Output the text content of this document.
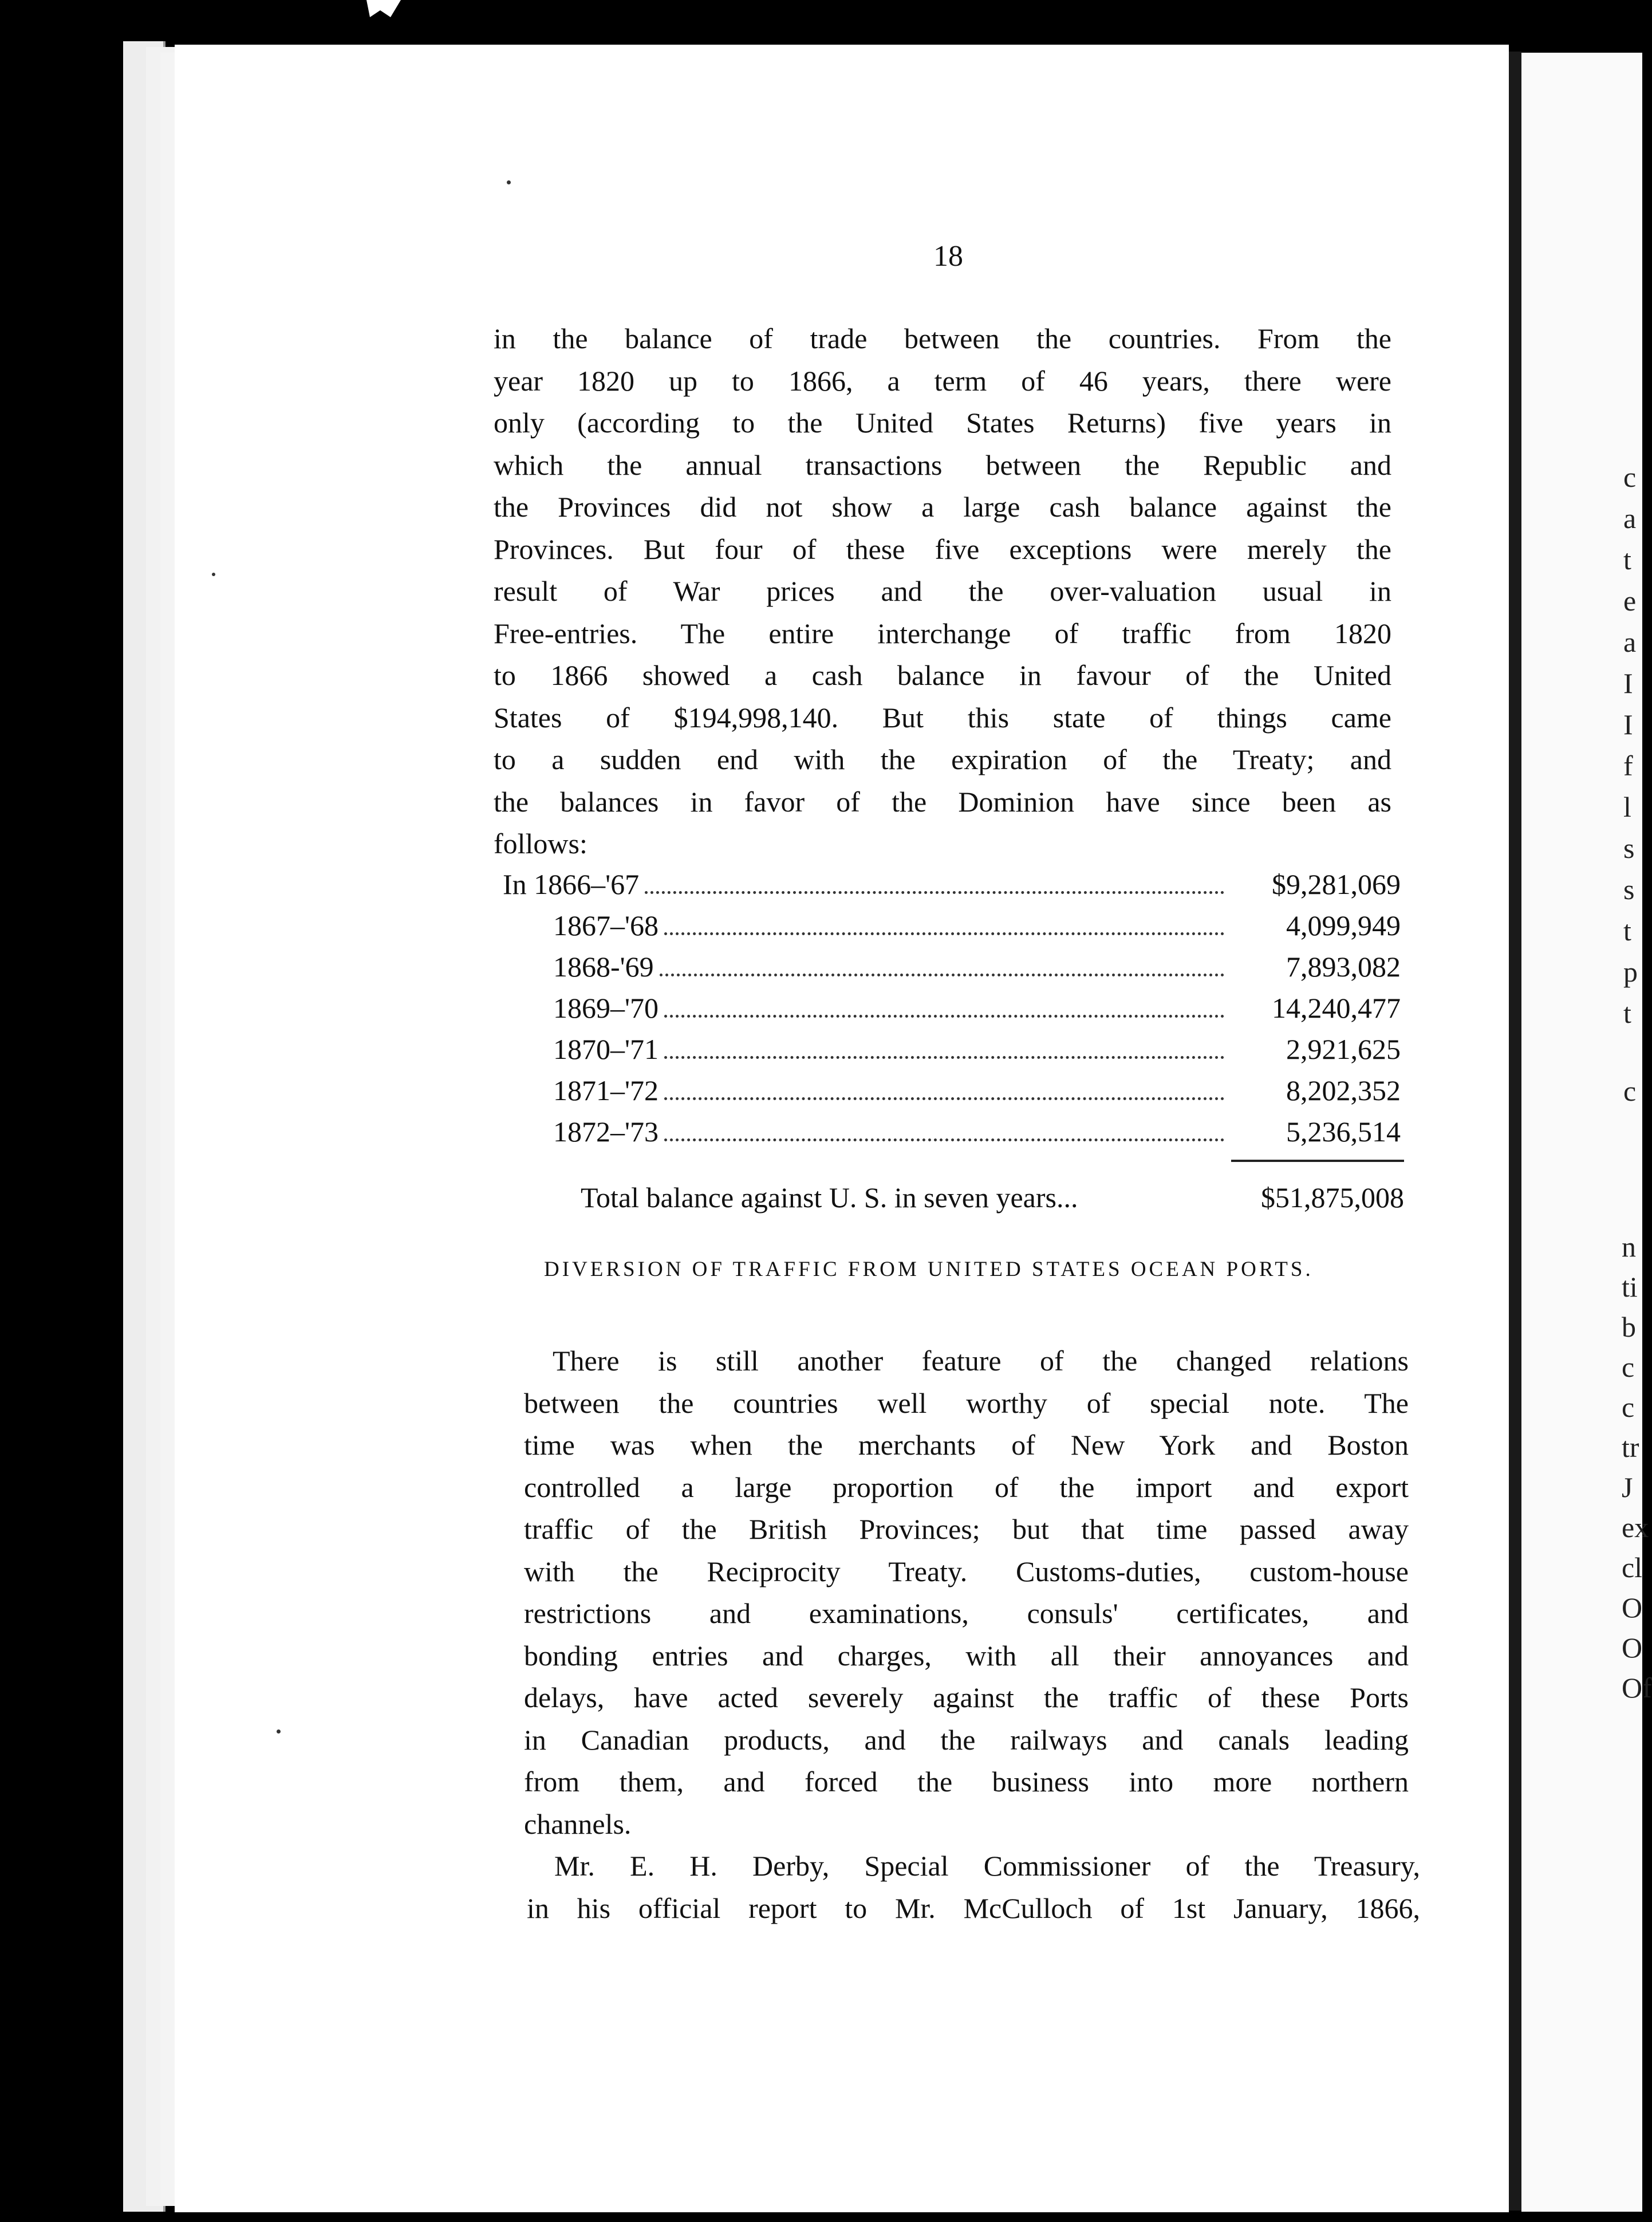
c
a
t
e
a
I
I
f
l
s
s
t
p
t
c
n
ti
b
c
c
tr
J
ex
cl
O
O
Of
18
in the balance of trade between the countries. From the
year 1820 up to 1866, a term of 46 years, there were
only (according to the United States Returns) five years in
which the annual transactions between the Republic and
the Provinces did not show a large cash balance against the
Provinces. But four of these five exceptions were merely the
result of War prices and the over-valuation usual in
Free-entries. The entire interchange of traffic from 1820
to 1866 showed a cash balance in favour of the United
States of $194,998,140. But this state of things came
to a sudden end with the expiration of the Treaty; and
the balances in favor of the Dominion have since been as
follows:
In 1866–'67	$9,281,069
1867–'68	4,099,949
1868-'69	7,893,082
1869–'70	14,240,477
1870–'71	2,921,625
1871–'72	8,202,352
1872–'73	5,236,514
Total balance against U. S. in seven years...	$51,875,008
DIVERSION OF TRAFFIC FROM UNITED STATES OCEAN PORTS.
There is still another feature of the changed relations
between the countries well worthy of special note. The
time was when the merchants of New York and Boston
controlled a large proportion of the import and export
traffic of the British Provinces; but that time passed away
with the Reciprocity Treaty. Customs-duties, custom-house
restrictions and examinations, consuls' certificates, and
bonding entries and charges, with all their annoyances and
delays, have acted severely against the traffic of these Ports
in Canadian products, and the railways and canals leading
from them, and forced the business into more northern
channels.
Mr. E. H. Derby, Special Commissioner of the Treasury,
in his official report to Mr. McCulloch of 1st January, 1866,
